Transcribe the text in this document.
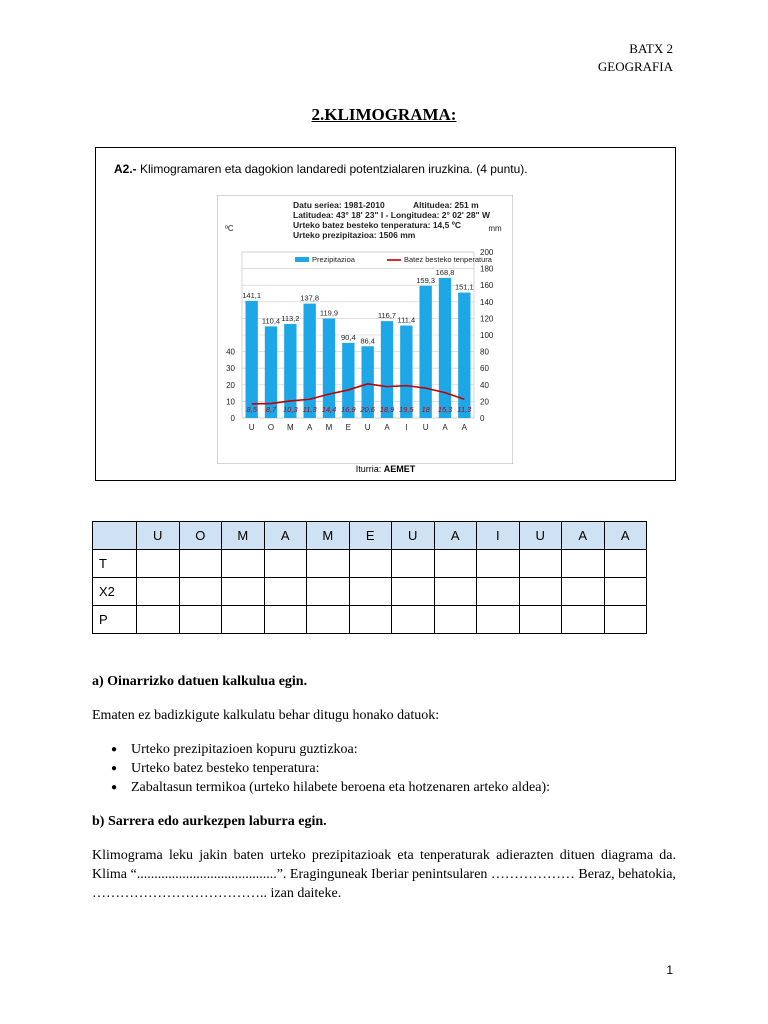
BATX 2
GEOGRAFIA
2.KLIMOGRAMA:
A2.- Klimogramaren eta dagokion landaredi potentzialaren iruzkina. (4 puntu).
Datu seriea: 1981-2010	Altitudea: 251 m
Latitudea: 43° 18' 23" I - Longitudea: 2° 02' 28" W
Urteko batez besteko tenperatura: 14,5 ºC
Urteko prezipitazioa: 1506 mm
ºC	mm
Prezipitazioa	Batez besteko tenperatura
141,1
110,4 113,2
137,8
119,9
90,4 86,4
116,7 111,4
159,3
168,8
151,1
8,5 8,7 10,3 11,3 14,4 16,9 20,6 18,9 19,5 18 15,3 11,3
0
20
40
60
80
100
120
140
160
180
200
0
10
20
30
40
U O M A M E U A I U A A
Iturria: AEMET
	U	O	M	A	M	E	U	A	I	U	A	A
T												
X2												
P												
a) Oinarrizko datuen kalkulua egin.
Ematen ez badizkigute kalkulatu behar ditugu honako datuok:
● Urteko prezipitazioen kopuru guztizkoa:
● Urteko batez besteko tenperatura:
● Zabaltasun termikoa (urteko hilabete beroena eta hotzenaren arteko aldea):
b) Sarrera edo aurkezpen laburra egin.
Klimograma leku jakin baten urteko prezipitazioak eta tenperaturak adierazten dituen diagrama da. Klima “........................................”. Eraginguneak Iberiar penintsularen ……………… Beraz, behatokia, ……………………………….. izan daiteke.
1
